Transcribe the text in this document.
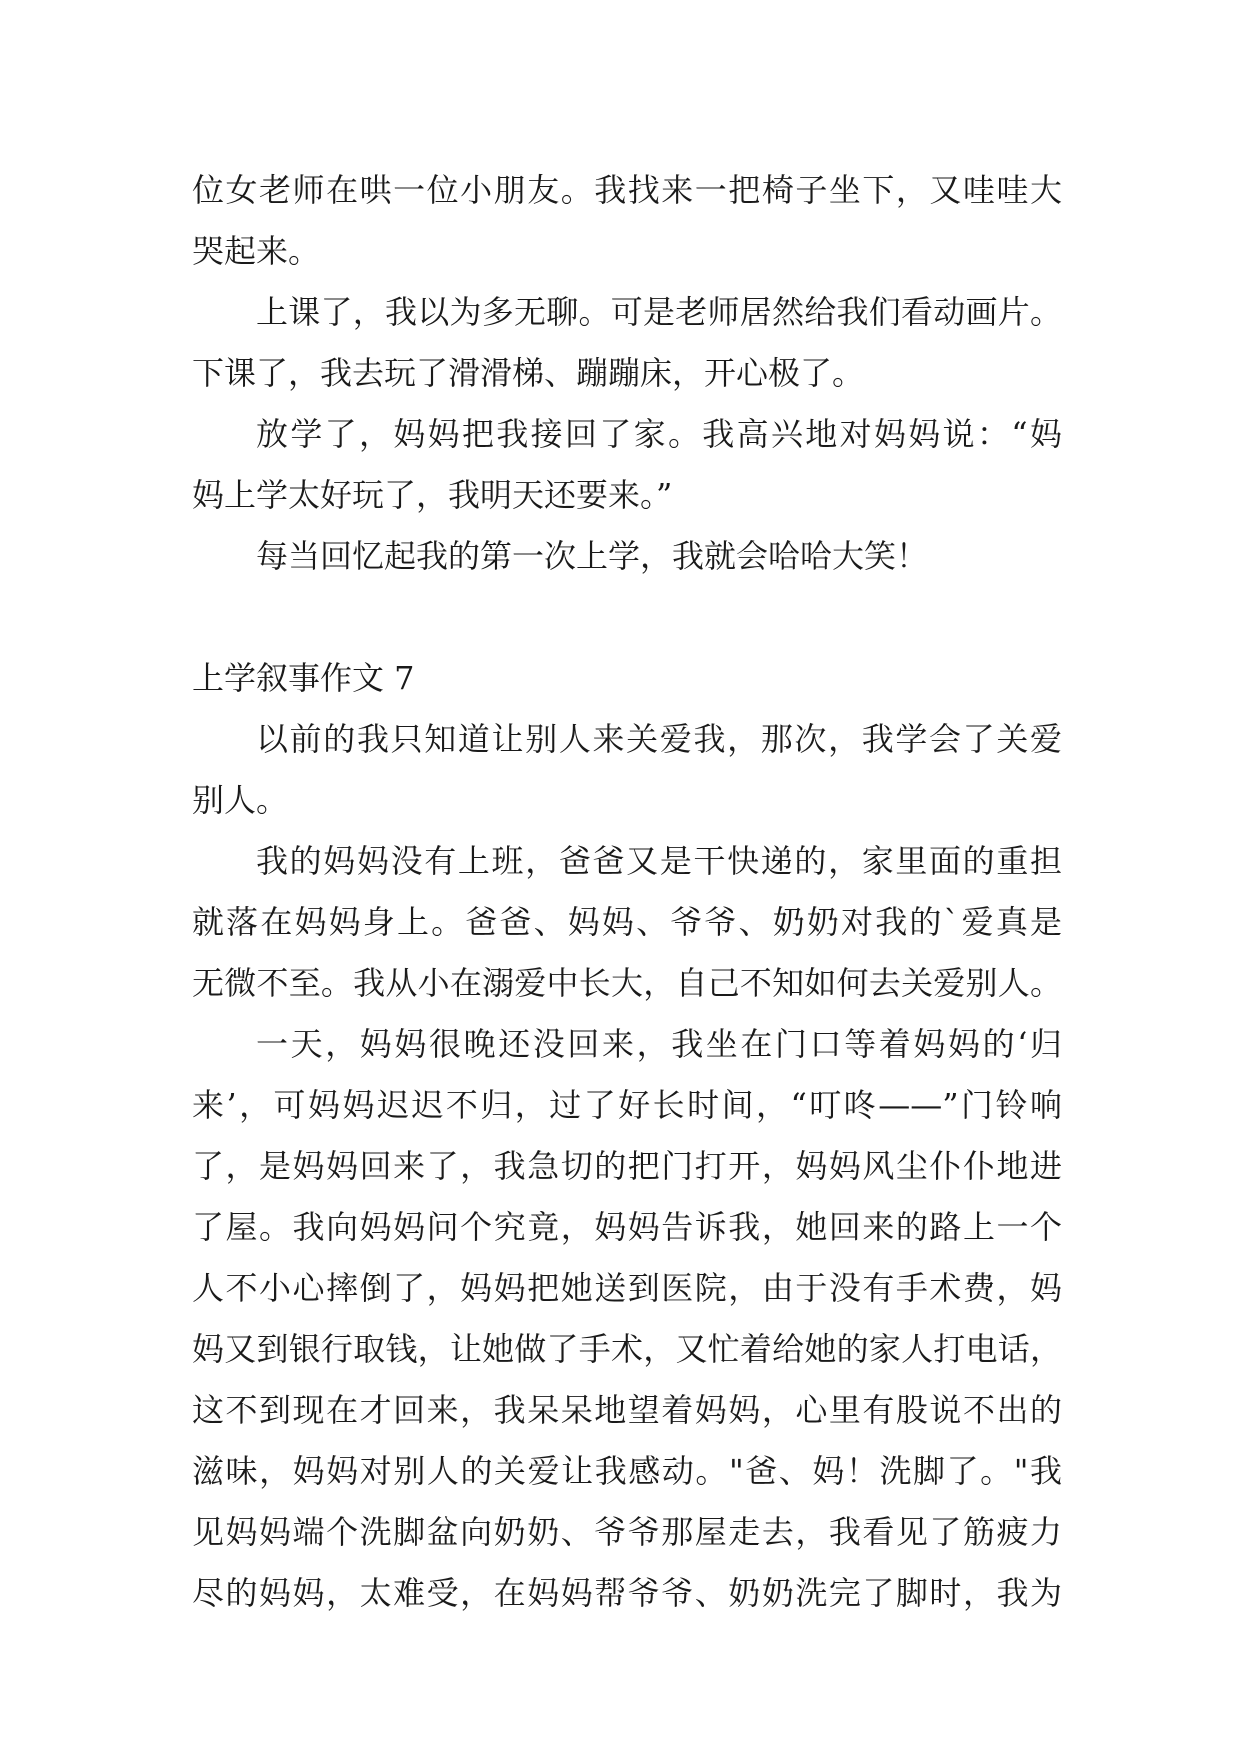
位女老师在哄一位小朋友。我找来一把椅子坐下，又哇哇大
哭起来。
上课了，我以为多无聊。可是老师居然给我们看动画片。
下课了，我去玩了滑滑梯、蹦蹦床，开心极了。
放学了，妈妈把我接回了家。我高兴地对妈妈说：“妈
妈上学太好玩了，我明天还要来。”
每当回忆起我的第一次上学，我就会哈哈大笑！
上学叙事作文 7
以前的我只知道让别人来关爱我，那次，我学会了关爱
别人。
我的妈妈没有上班，爸爸又是干快递的，家里面的重担
就落在妈妈身上。爸爸、妈妈、爷爷、奶奶对我的`爱真是
无微不至。我从小在溺爱中长大，自己不知如何去关爱别人。
一天，妈妈很晚还没回来，我坐在门口等着妈妈的‘归
来’，可妈妈迟迟不归，过了好长时间，“叮咚——”门铃响
了，是妈妈回来了，我急切的把门打开，妈妈风尘仆仆地进
了屋。我向妈妈问个究竟，妈妈告诉我，她回来的路上一个
人不小心摔倒了，妈妈把她送到医院，由于没有手术费，妈
妈又到银行取钱，让她做了手术，又忙着给她的家人打电话，
这不到现在才回来，我呆呆地望着妈妈，心里有股说不出的
滋味，妈妈对别人的关爱让我感动。"爸、妈！洗脚了。"我
见妈妈端个洗脚盆向奶奶、爷爷那屋走去，我看见了筋疲力
尽的妈妈，太难受，在妈妈帮爷爷、奶奶洗完了脚时，我为
